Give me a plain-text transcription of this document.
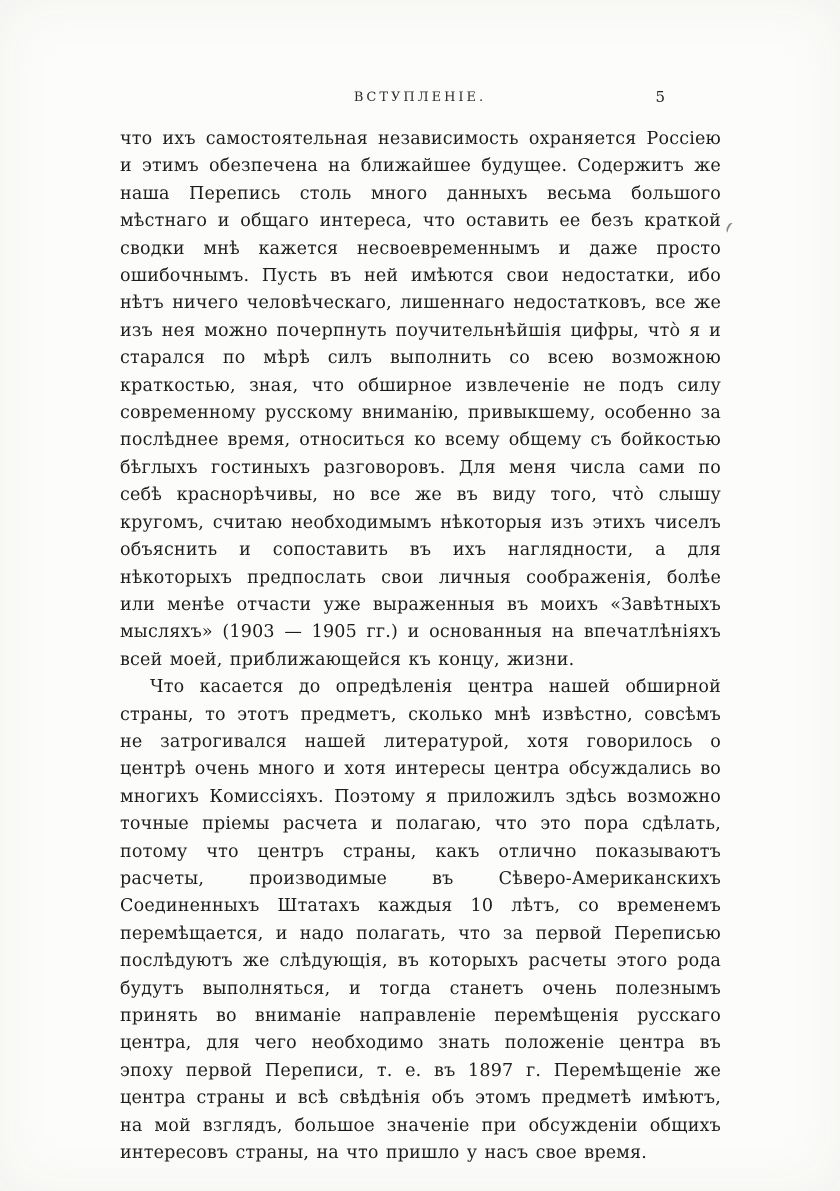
ВСТУПЛЕНІЕ.	5

что ихъ самостоятельная независимость охраняется Россіею и этимъ обезпечена на ближайшее будущее. Содержитъ же наша Перепись столь много данныхъ весьма большого мѣстнаго и общаго интереса, что оставить ее безъ краткой сводки мнѣ кажется несвоевременнымъ и даже просто ошибочнымъ. Пусть въ ней имѣются свои недостатки, ибо нѣтъ ничего человѣческаго, лишеннаго недостатковъ, все же изъ нея можно почерпнуть поучительнѣйшія цифры, что̀ я и старался по мѣрѣ силъ выполнить со всею возможною краткостью, зная, что обширное извлеченіе не подъ силу современному русскому вниманію, привыкшему, особенно за послѣднее время, относиться ко всему общему съ бойкостью бѣглыхъ гостиныхъ разговоровъ. Для меня числа сами по себѣ краснорѣчивы, но все же въ виду того, что̀ слышу кругомъ, считаю необходимымъ нѣкоторыя изъ этихъ чиселъ объяснить и сопоставить въ ихъ наглядности, а для нѣкоторыхъ предпослать свои личныя соображенія, болѣе или менѣе отчасти уже выраженныя въ моихъ «Завѣтныхъ мысляхъ» (1903 — 1905 гг.) и основанныя на впечатлѣніяхъ всей моей, приближающейся къ концу, жизни.

Что касается до опредѣленія центра нашей обширной страны, то этотъ предметъ, сколько мнѣ извѣстно, совсѣмъ не затрогивался нашей литературой, хотя говорилось о центрѣ очень много и хотя интересы центра обсуждались во многихъ Комиссіяхъ. Поэтому я приложилъ здѣсь возможно точные пріемы расчета и полагаю, что это пора сдѣлать, потому что центръ страны, какъ отлично показываютъ расчеты, производимые въ Сѣверо-Американскихъ Соединенныхъ Штатахъ каждыя 10 лѣтъ, со временемъ перемѣщается, и надо полагать, что за первой Переписью послѣдуютъ же слѣдующія, въ которыхъ расчеты этого рода будутъ выполняться, и тогда станетъ очень полезнымъ принять во вниманіе направленіе перемѣщенія русскаго центра, для чего необходимо знать положеніе центра въ эпоху первой Переписи, т. е. въ 1897 г. Перемѣщеніе же центра страны и всѣ свѣдѣнія объ этомъ предметѣ имѣютъ, на мой взглядъ, большое значеніе при обсужденіи общихъ интересовъ страны, на что пришло у насъ свое время.
